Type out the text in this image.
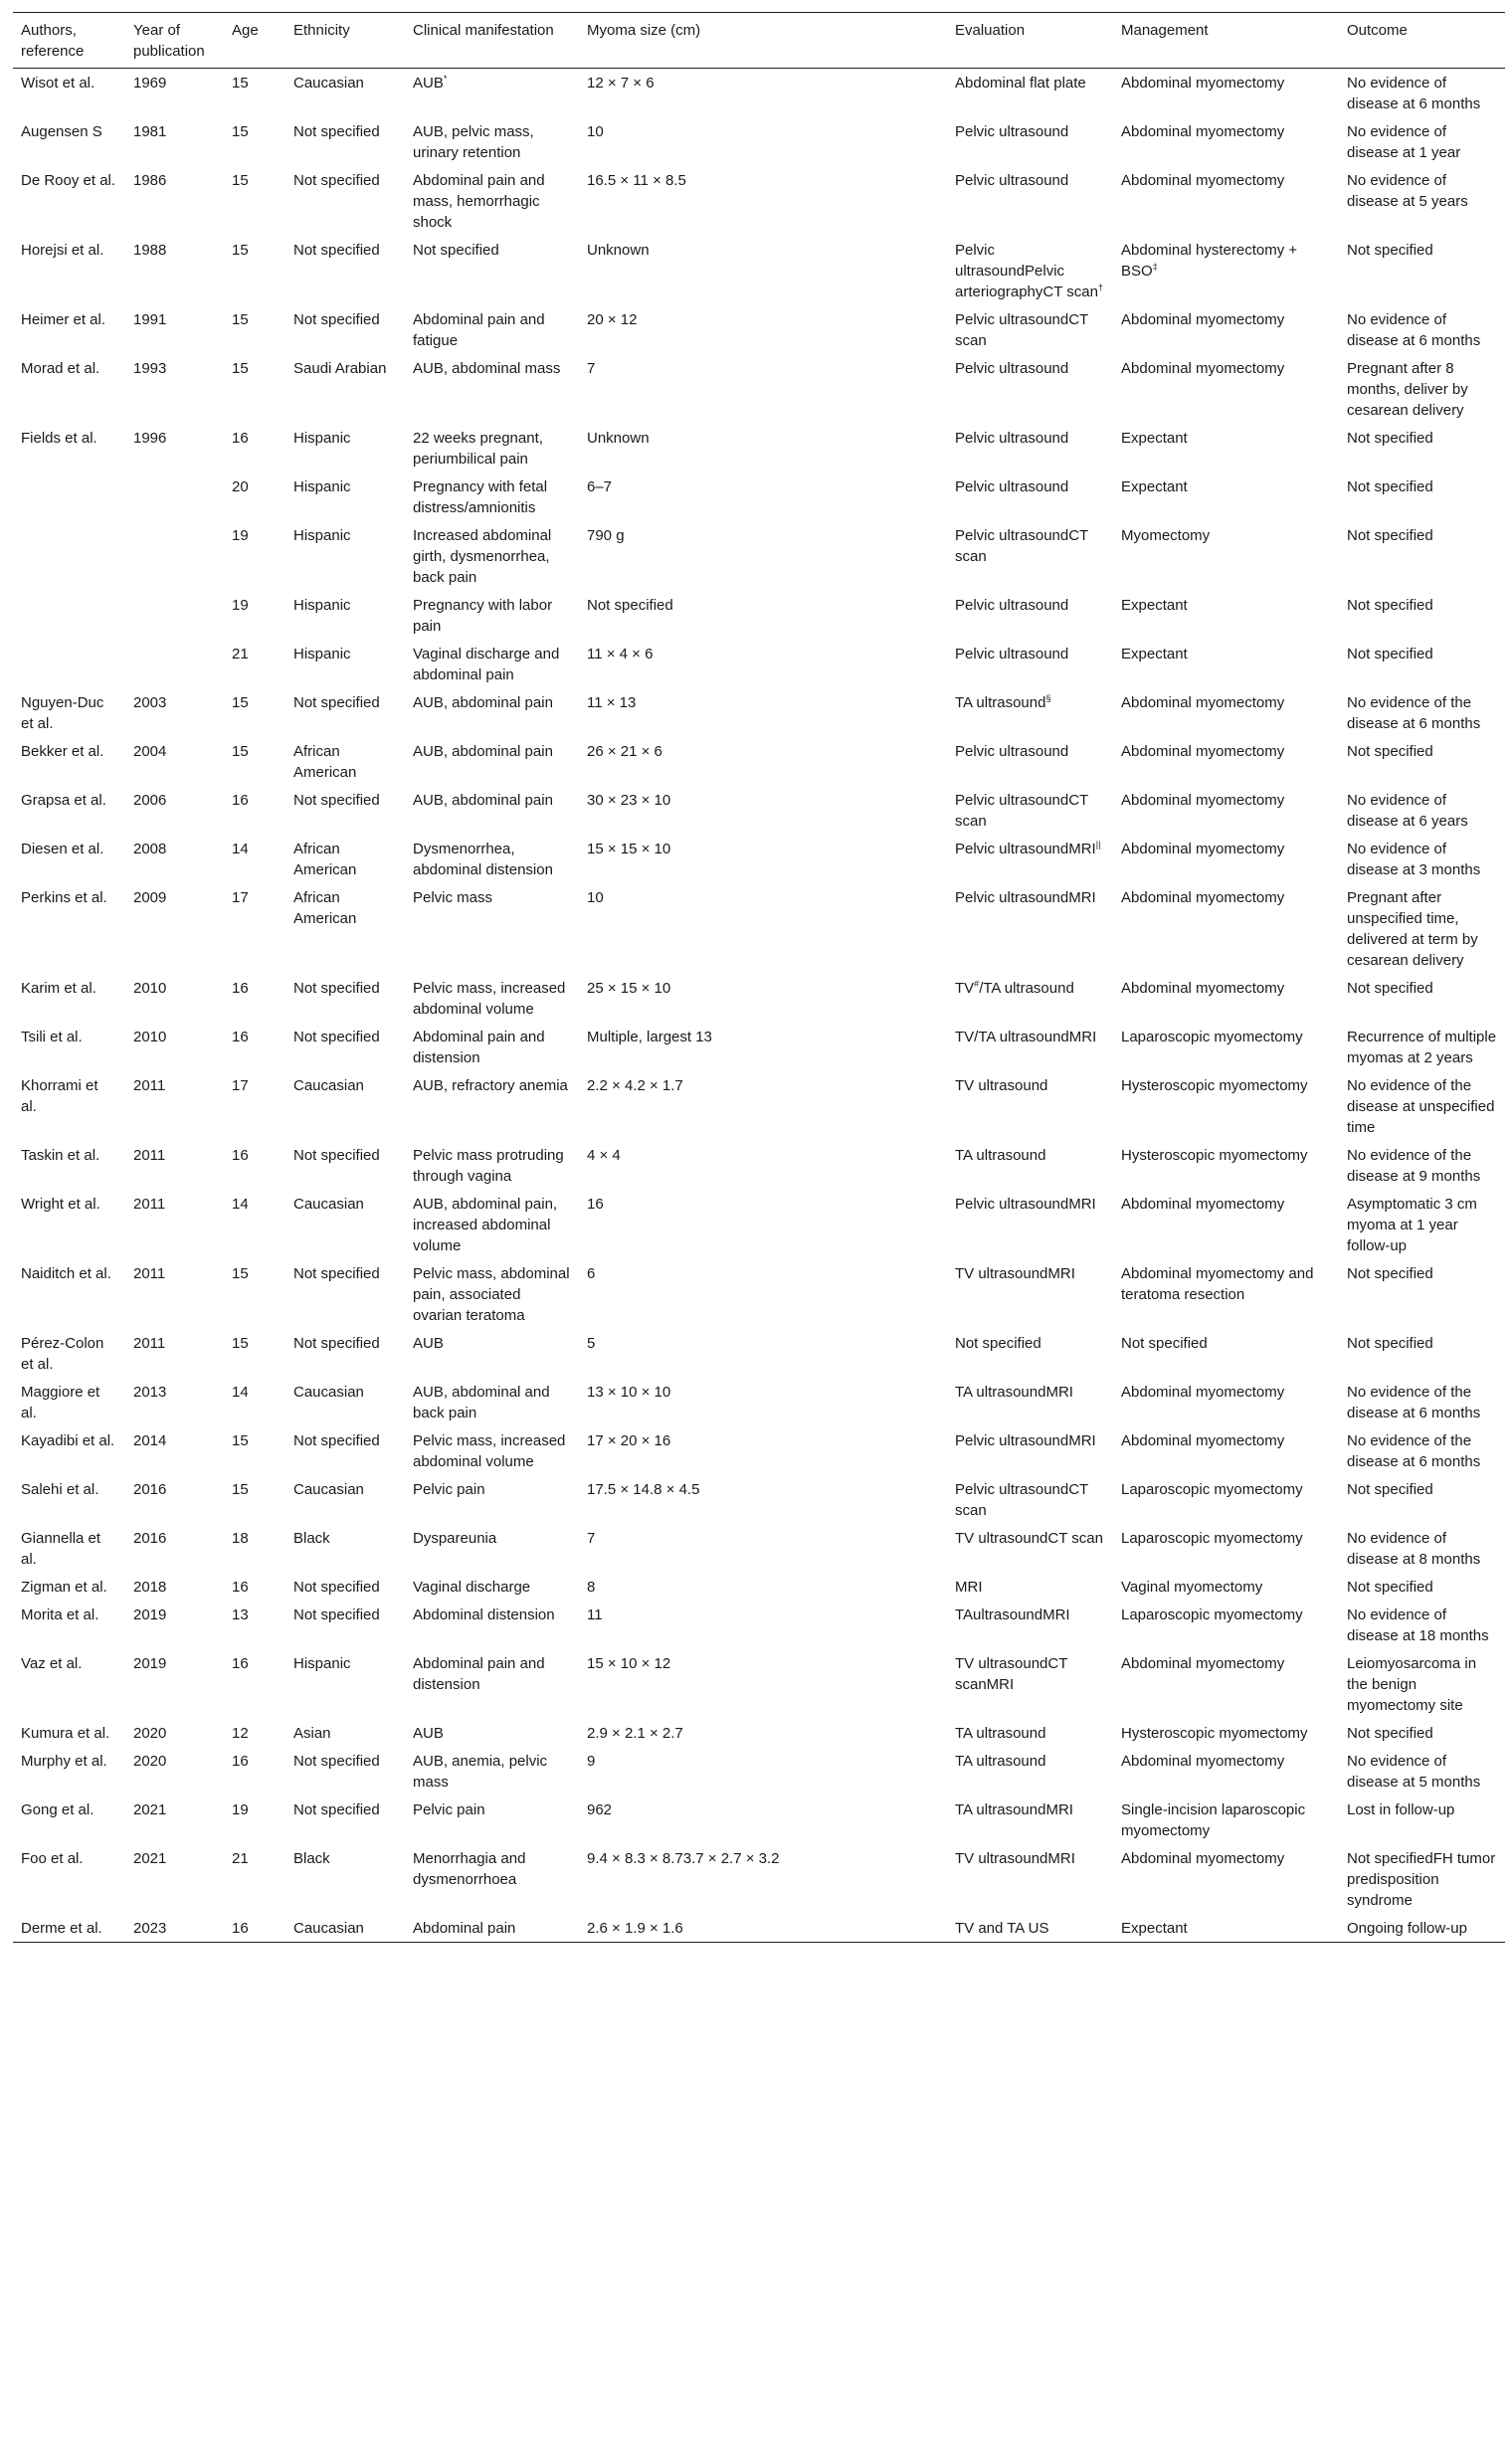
Authors, reference	Year of publication	Age	Ethnicity	Clinical manifestation	Myoma size (cm)	Evaluation	Management	Outcome
Wisot et al.	1969	15	Caucasian	AUB*	12 × 7 × 6	Abdominal flat plate	Abdominal myomectomy	No evidence of disease at 6 months
Augensen S	1981	15	Not specified	AUB, pelvic mass, urinary retention	10	Pelvic ultrasound	Abdominal myomectomy	No evidence of disease at 1 year
De Rooy et al.	1986	15	Not specified	Abdominal pain and mass, hemorrhagic shock	16.5 × 11 × 8.5	Pelvic ultrasound	Abdominal myomectomy	No evidence of disease at 5 years
Horejsi et al.	1988	15	Not specified	Not specified	Unknown	Pelvic ultrasoundPelvic arteriographyCT scan†	Abdominal hysterectomy + BSO‡	Not specified
Heimer et al.	1991	15	Not specified	Abdominal pain and fatigue	20 × 12	Pelvic ultrasoundCT scan	Abdominal myomectomy	No evidence of disease at 6 months
Morad et al.	1993	15	Saudi Arabian	AUB, abdominal mass	7	Pelvic ultrasound	Abdominal myomectomy	Pregnant after 8 months, deliver by cesarean delivery
Fields et al.	1996	16	Hispanic	22 weeks pregnant, periumbilical pain	Unknown	Pelvic ultrasound	Expectant	Not specified
		20	Hispanic	Pregnancy with fetal distress/amnionitis	6–7	Pelvic ultrasound	Expectant	Not specified
		19	Hispanic	Increased abdominal girth, dysmenorrhea, back pain	790 g	Pelvic ultrasoundCT scan	Myomectomy	Not specified
		19	Hispanic	Pregnancy with labor pain	Not specified	Pelvic ultrasound	Expectant	Not specified
		21	Hispanic	Vaginal discharge and abdominal pain	11 × 4 × 6	Pelvic ultrasound	Expectant	Not specified
Nguyen-Duc et al.	2003	15	Not specified	AUB, abdominal pain	11 × 13	TA ultrasound§	Abdominal myomectomy	No evidence of the disease at 6 months
Bekker et al.	2004	15	African American	AUB, abdominal pain	26 × 21 × 6	Pelvic ultrasound	Abdominal myomectomy	Not specified
Grapsa et al.	2006	16	Not specified	AUB, abdominal pain	30 × 23 × 10	Pelvic ultrasoundCT scan	Abdominal myomectomy	No evidence of disease at 6 years
Diesen et al.	2008	14	African American	Dysmenorrhea, abdominal distension	15 × 15 × 10	Pelvic ultrasoundMRI||	Abdominal myomectomy	No evidence of disease at 3 months
Perkins et al.	2009	17	African American	Pelvic mass	10	Pelvic ultrasoundMRI	Abdominal myomectomy	Pregnant after unspecified time, delivered at term by cesarean delivery
Karim et al.	2010	16	Not specified	Pelvic mass, increased abdominal volume	25 × 15 × 10	TV#/TA ultrasound	Abdominal myomectomy	Not specified
Tsili et al.	2010	16	Not specified	Abdominal pain and distension	Multiple, largest 13	TV/TA ultrasoundMRI	Laparoscopic myomectomy	Recurrence of multiple myomas at 2 years
Khorrami et al.	2011	17	Caucasian	AUB, refractory anemia	2.2 × 4.2 × 1.7	TV ultrasound	Hysteroscopic myomectomy	No evidence of the disease at unspecified time
Taskin et al.	2011	16	Not specified	Pelvic mass protruding through vagina	4 × 4	TA ultrasound	Hysteroscopic myomectomy	No evidence of the disease at 9 months
Wright et al.	2011	14	Caucasian	AUB, abdominal pain, increased abdominal volume	16	Pelvic ultrasoundMRI	Abdominal myomectomy	Asymptomatic 3 cm myoma at 1 year follow-up
Naiditch et al.	2011	15	Not specified	Pelvic mass, abdominal pain, associated ovarian teratoma	6	TV ultrasoundMRI	Abdominal myomectomy and teratoma resection	Not specified
Pérez-Colon et al.	2011	15	Not specified	AUB	5	Not specified	Not specified	Not specified
Maggiore et al.	2013	14	Caucasian	AUB, abdominal and back pain	13 × 10 × 10	TA ultrasoundMRI	Abdominal myomectomy	No evidence of the disease at 6 months
Kayadibi et al.	2014	15	Not specified	Pelvic mass, increased abdominal volume	17 × 20 × 16	Pelvic ultrasoundMRI	Abdominal myomectomy	No evidence of the disease at 6 months
Salehi et al.	2016	15	Caucasian	Pelvic pain	17.5 × 14.8 × 4.5	Pelvic ultrasoundCT scan	Laparoscopic myomectomy	Not specified
Giannella et al.	2016	18	Black	Dyspareunia	7	TV ultrasoundCT scan	Laparoscopic myomectomy	No evidence of disease at 8 months
Zigman et al.	2018	16	Not specified	Vaginal discharge	8	MRI	Vaginal myomectomy	Not specified
Morita et al.	2019	13	Not specified	Abdominal distension	11	TAultrasoundMRI	Laparoscopic myomectomy	No evidence of disease at 18 months
Vaz et al.	2019	16	Hispanic	Abdominal pain and distension	15 × 10 × 12	TV ultrasoundCT scanMRI	Abdominal myomectomy	Leiomyosarcoma in the benign myomectomy site
Kumura et al.	2020	12	Asian	AUB	2.9 × 2.1 × 2.7	TA ultrasound	Hysteroscopic myomectomy	Not specified
Murphy et al.	2020	16	Not specified	AUB, anemia, pelvic mass	9	TA ultrasound	Abdominal myomectomy	No evidence of disease at 5 months
Gong et al.	2021	19	Not specified	Pelvic pain	962	TA ultrasoundMRI	Single-incision laparoscopic myomectomy	Lost in follow-up
Foo et al.	2021	21	Black	Menorrhagia and dysmenorrhoea	9.4 × 8.3 × 8.73.7 × 2.7 × 3.2	TV ultrasoundMRI	Abdominal myomectomy	Not specifiedFH tumor predisposition syndrome
Derme et al.	2023	16	Caucasian	Abdominal pain	2.6 × 1.9 × 1.6	TV and TA US	Expectant	Ongoing follow-up
